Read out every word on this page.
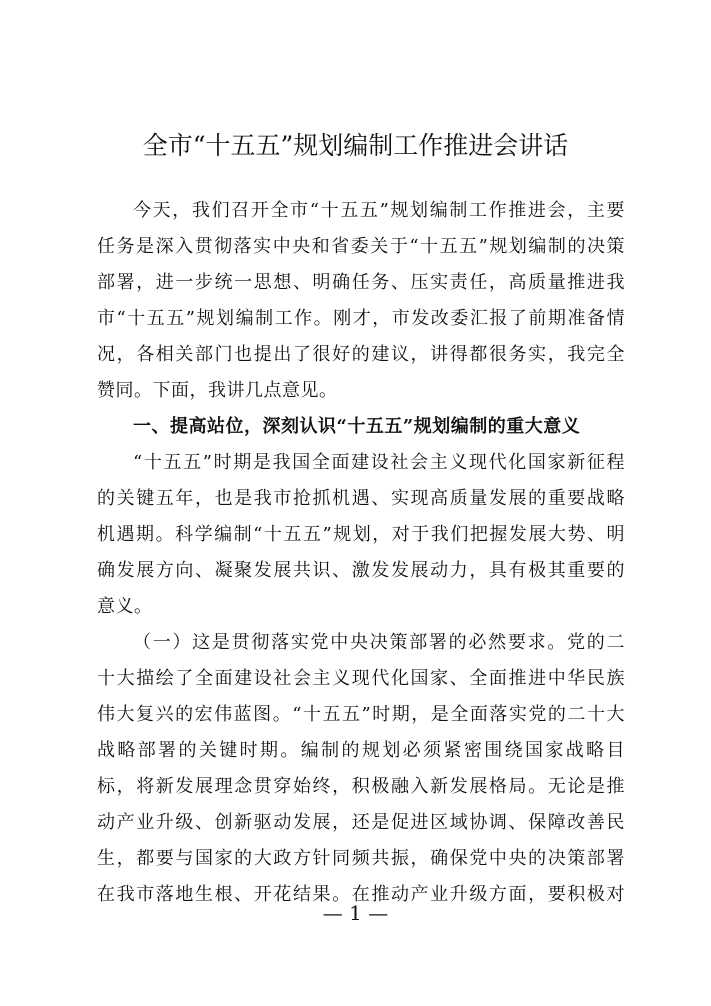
全市“十五五”规划编制工作推进会讲话
今天，我们召开全市“十五五”规划编制工作推进会，主要
任务是深入贯彻落实中央和省委关于“十五五”规划编制的决策
部署，进一步统一思想、明确任务、压实责任，高质量推进我
市“十五五”规划编制工作。刚才，市发改委汇报了前期准备情
况，各相关部门也提出了很好的建议，讲得都很务实，我完全
赞同。下面，我讲几点意见。
一、提高站位，深刻认识“十五五”规划编制的重大意义
“十五五”时期是我国全面建设社会主义现代化国家新征程
的关键五年，也是我市抢抓机遇、实现高质量发展的重要战略
机遇期。科学编制“十五五”规划，对于我们把握发展大势、明
确发展方向、凝聚发展共识、激发发展动力，具有极其重要的
意义。
（一）这是贯彻落实党中央决策部署的必然要求。党的二
十大描绘了全面建设社会主义现代化国家、全面推进中华民族
伟大复兴的宏伟蓝图。“十五五”时期，是全面落实党的二十大
战略部署的关键时期。编制的规划必须紧密围绕国家战略目
标，将新发展理念贯穿始终，积极融入新发展格局。无论是推
动产业升级、创新驱动发展，还是促进区域协调、保障改善民
生，都要与国家的大政方针同频共振，确保党中央的决策部署
在我市落地生根、开花结果。在推动产业升级方面，要积极对
— 1 —
